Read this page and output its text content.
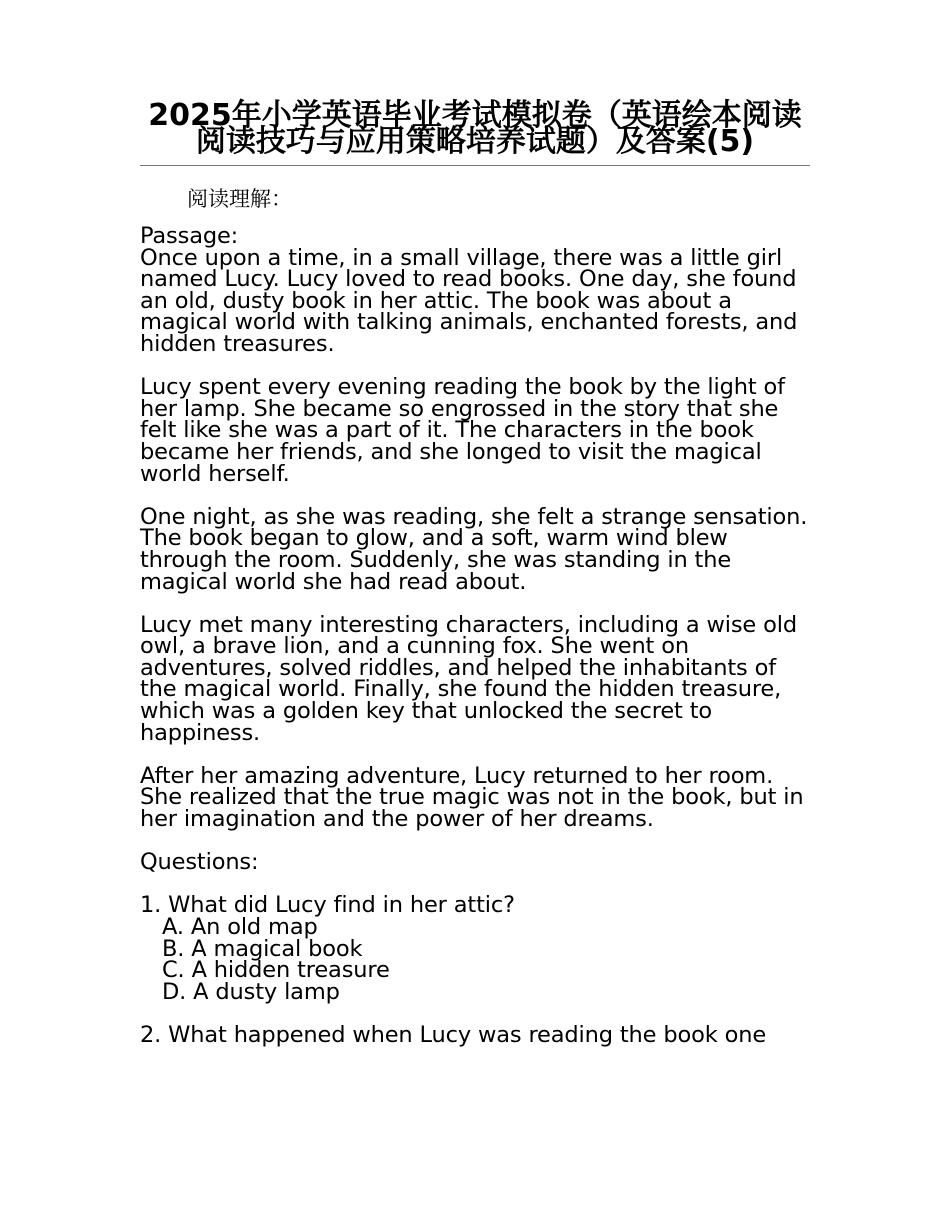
2025年小学英语毕业考试模拟卷（英语绘本阅读阅读技巧与应用策略培养试题）及答案(5)
阅读理解：
Passage:

Once upon a time, in a small village, there was a little girl named Lucy. Lucy loved to read books. One day, she found an old, dusty book in her attic. The book was about a magical world with talking animals, enchanted forests, and hidden treasures.

Lucy spent every evening reading the book by the light of her lamp. She became so engrossed in the story that she felt like she was a part of it. The characters in the book became her friends, and she longed to visit the magical world herself.

One night, as she was reading, she felt a strange sensation. The book began to glow, and a soft, warm wind blew through the room. Suddenly, she was standing in the magical world she had read about.

Lucy met many interesting characters, including a wise old owl, a brave lion, and a cunning fox. She went on adventures, solved riddles, and helped the inhabitants of the magical world. Finally, she found the hidden treasure, which was a golden key that unlocked the secret to happiness.

After her amazing adventure, Lucy returned to her room. She realized that the true magic was not in the book, but in her imagination and the power of her dreams.

Questions:

1. What did Lucy find in her attic?
A. An old map
B. A magical book
C. A hidden treasure
D. A dusty lamp
2. What happened when Lucy was reading the book one
